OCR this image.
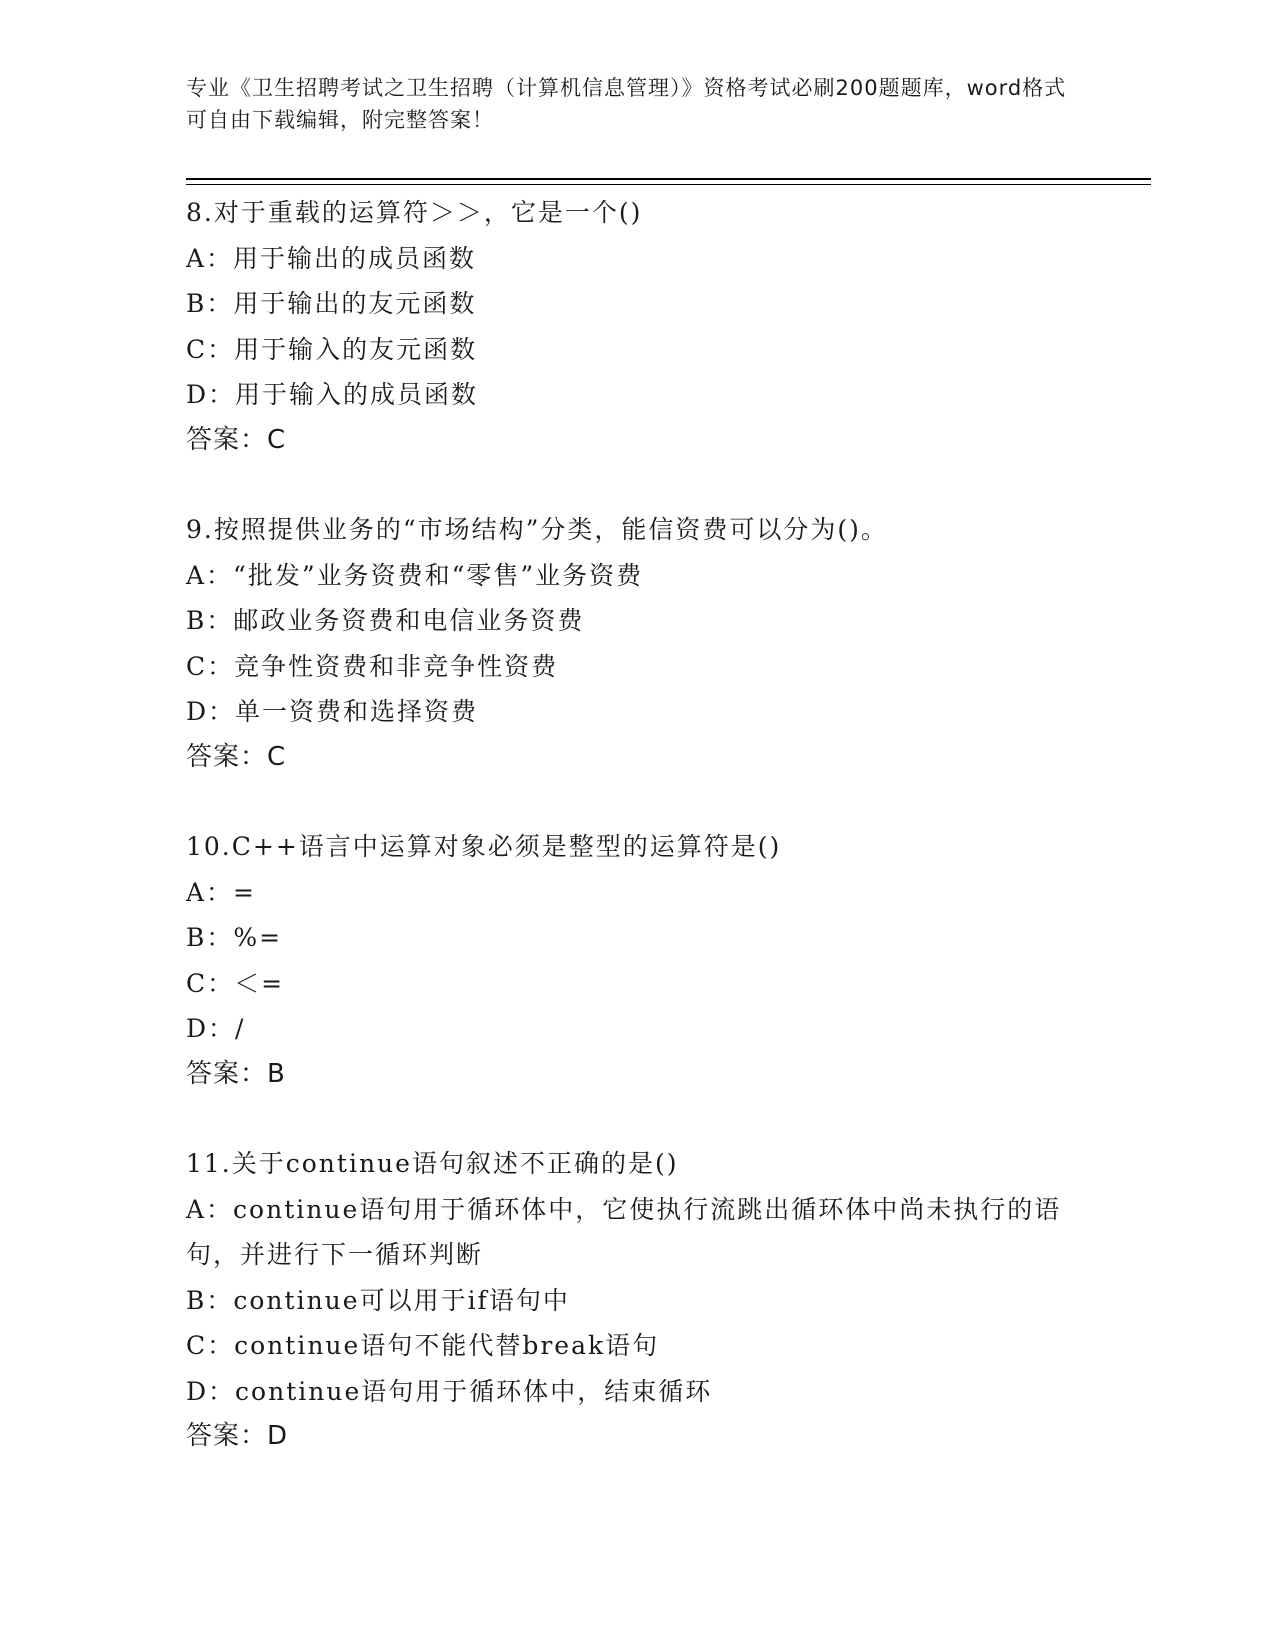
专业《卫生招聘考试之卫生招聘（计算机信息管理）》资格考试必刷200题题库，word格式可自由下载编辑，附完整答案！
8.对于重载的运算符＞＞，它是一个()
A：用于输出的成员函数
B：用于输出的友元函数
C：用于输入的友元函数
D：用于输入的成员函数
答案：C
9.按照提供业务的“市场结构”分类，能信资费可以分为()。
A：“批发”业务资费和“零售”业务资费
B：邮政业务资费和电信业务资费
C：竞争性资费和非竞争性资费
D：单一资费和选择资费
答案：C
10.C++语言中运算对象必须是整型的运算符是()
A：=
B：%=
C：＜=
D：/
答案：B
11.关于continue语句叙述不正确的是()
A：continue语句用于循环体中，它使执行流跳出循环体中尚未执行的语句，并进行下一循环判断
B：continue可以用于if语句中
C：continue语句不能代替break语句
D：continue语句用于循环体中，结束循环
答案：D
